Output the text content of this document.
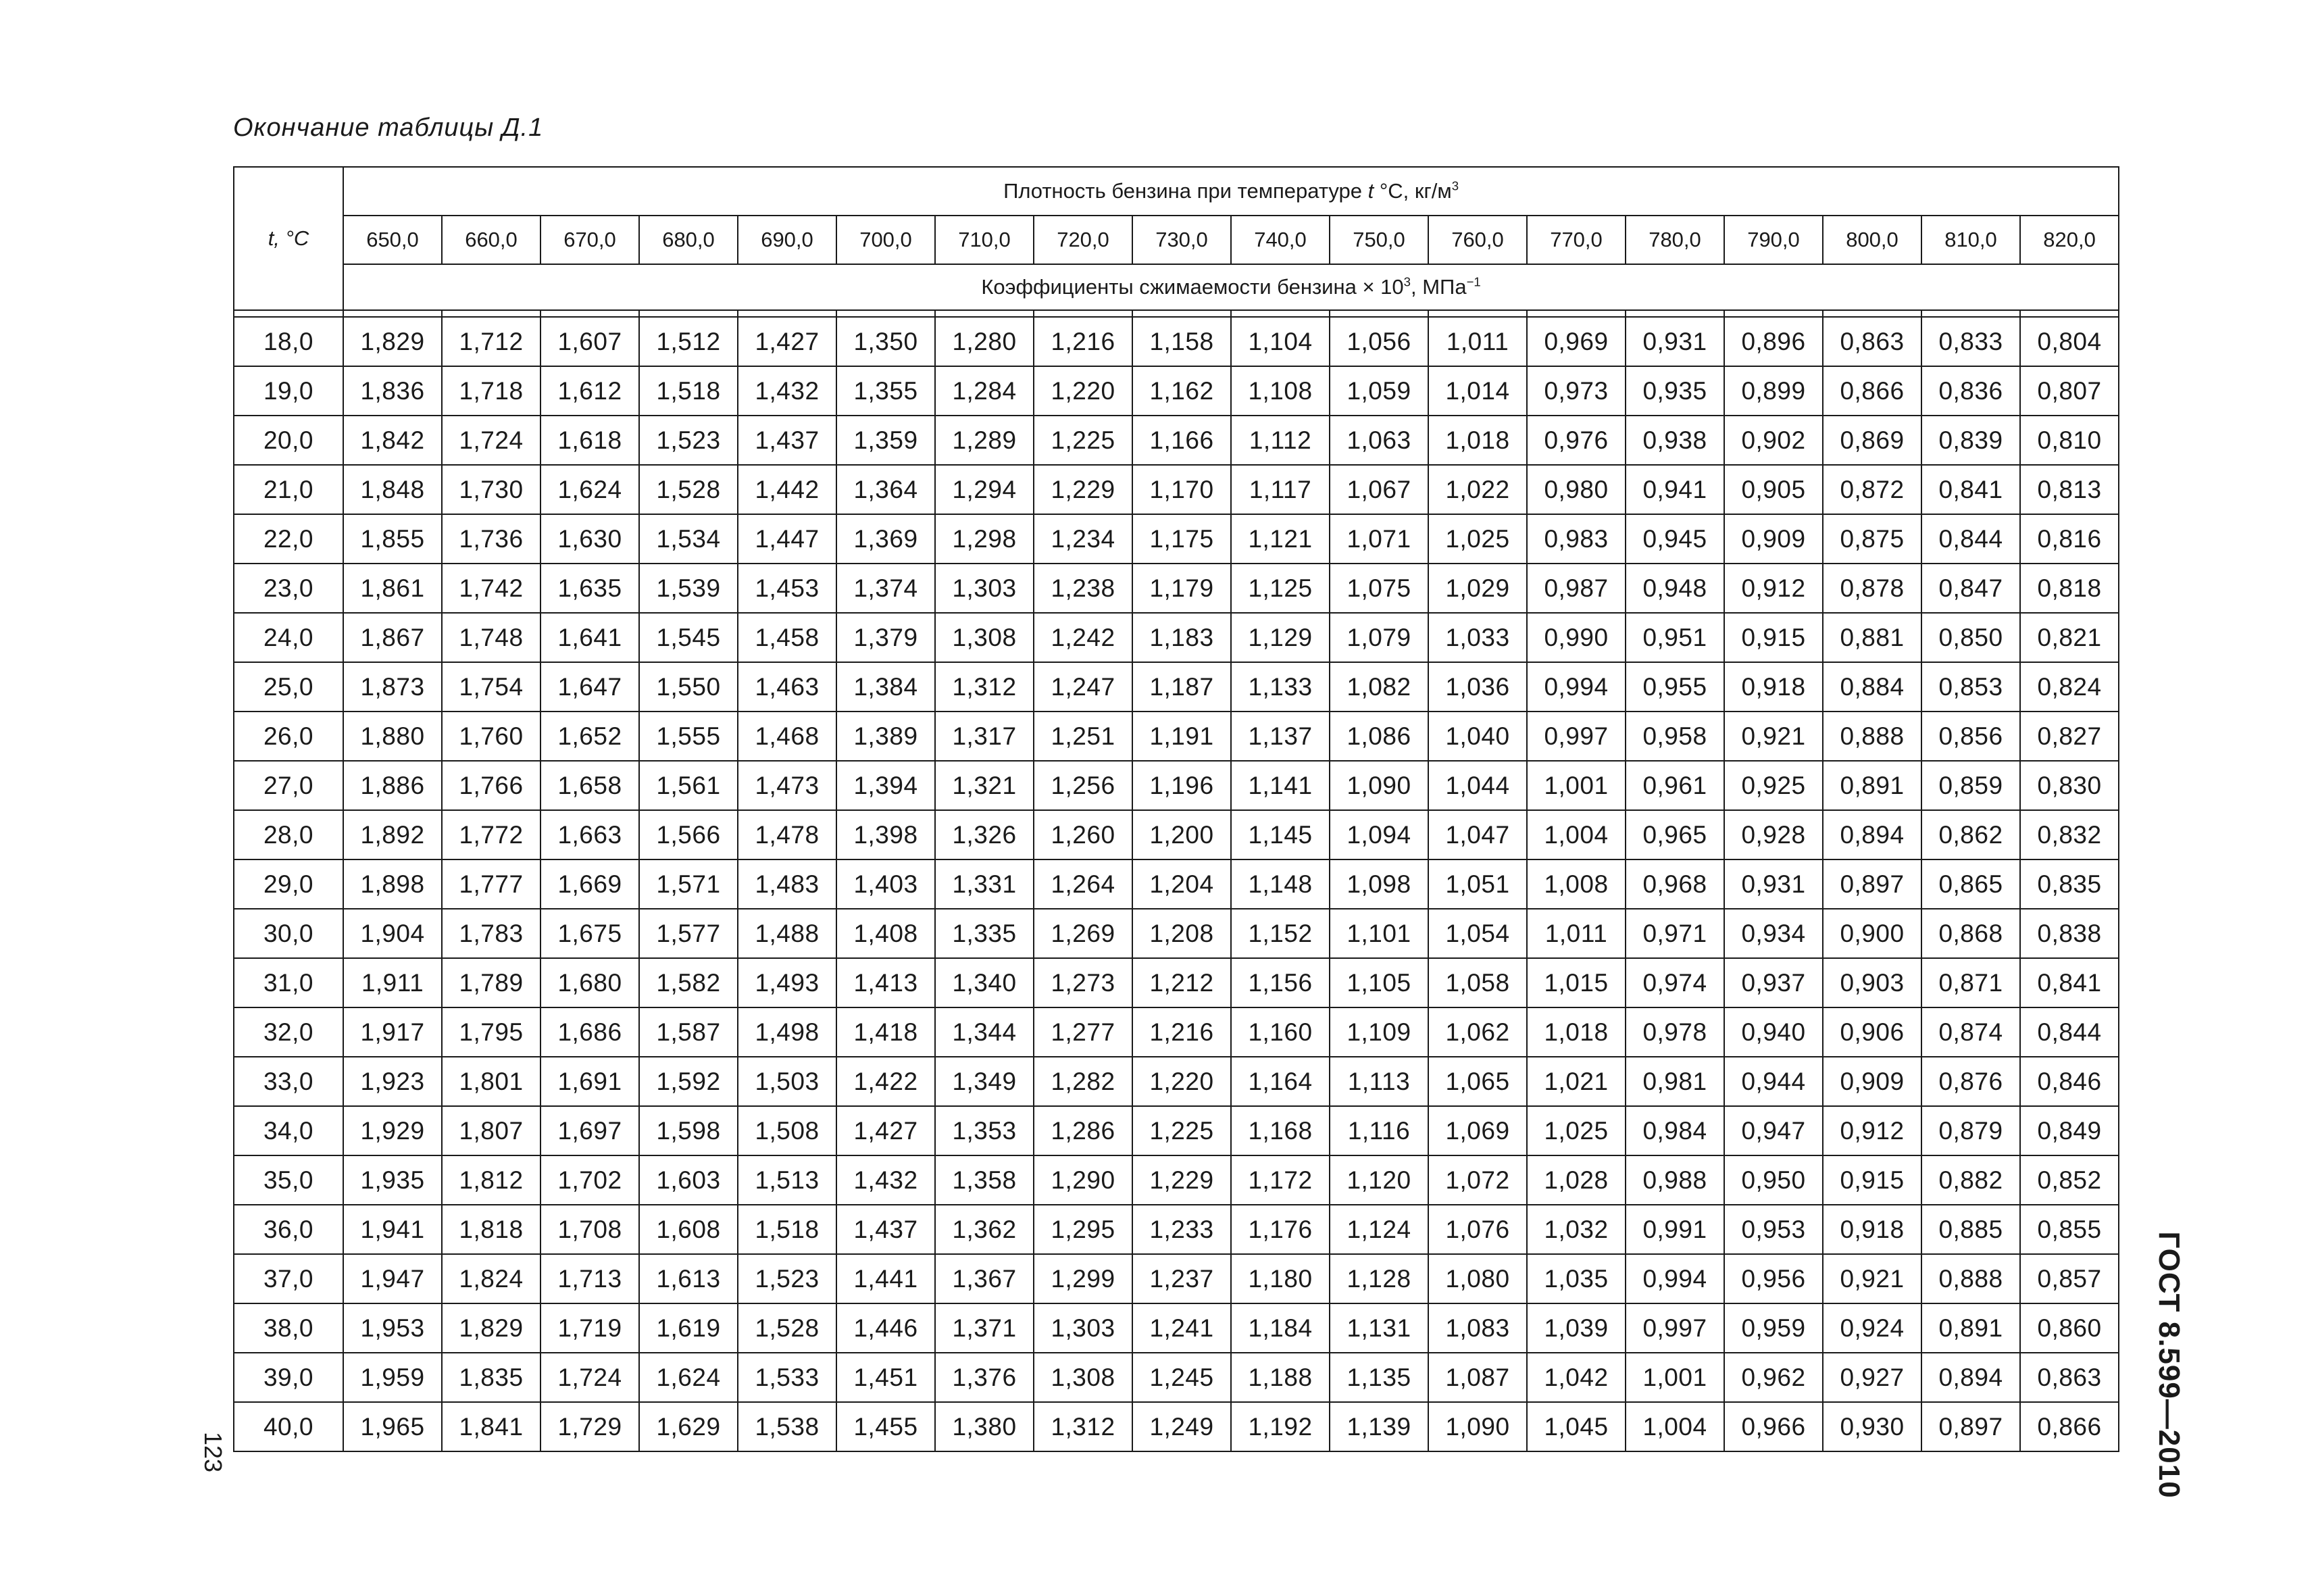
Окончание таблицы Д.1
t, °C	Плотность бензина при температуре t °C, $кг/м^3$
	650,0	660,0	670,0	680,0	690,0	700,0	710,0	720,0	730,0	740,0	750,0	760,0	770,0	780,0	790,0	800,0	810,0	820,0
	Коэффициенты сжимаемости бензина × $10^3$, МПа$^{-1}$

18,0	1,829	1,712	1,607	1,512	1,427	1,350	1,280	1,216	1,158	1,104	1,056	1,011	0,969	0,931	0,896	0,863	0,833	0,804
19,0	1,836	1,718	1,612	1,518	1,432	1,355	1,284	1,220	1,162	1,108	1,059	1,014	0,973	0,935	0,899	0,866	0,836	0,807
20,0	1,842	1,724	1,618	1,523	1,437	1,359	1,289	1,225	1,166	1,112	1,063	1,018	0,976	0,938	0,902	0,869	0,839	0,810
21,0	1,848	1,730	1,624	1,528	1,442	1,364	1,294	1,229	1,170	1,117	1,067	1,022	0,980	0,941	0,905	0,872	0,841	0,813
22,0	1,855	1,736	1,630	1,534	1,447	1,369	1,298	1,234	1,175	1,121	1,071	1,025	0,983	0,945	0,909	0,875	0,844	0,816
23,0	1,861	1,742	1,635	1,539	1,453	1,374	1,303	1,238	1,179	1,125	1,075	1,029	0,987	0,948	0,912	0,878	0,847	0,818
24,0	1,867	1,748	1,641	1,545	1,458	1,379	1,308	1,242	1,183	1,129	1,079	1,033	0,990	0,951	0,915	0,881	0,850	0,821
25,0	1,873	1,754	1,647	1,550	1,463	1,384	1,312	1,247	1,187	1,133	1,082	1,036	0,994	0,955	0,918	0,884	0,853	0,824
26,0	1,880	1,760	1,652	1,555	1,468	1,389	1,317	1,251	1,191	1,137	1,086	1,040	0,997	0,958	0,921	0,888	0,856	0,827
27,0	1,886	1,766	1,658	1,561	1,473	1,394	1,321	1,256	1,196	1,141	1,090	1,044	1,001	0,961	0,925	0,891	0,859	0,830
28,0	1,892	1,772	1,663	1,566	1,478	1,398	1,326	1,260	1,200	1,145	1,094	1,047	1,004	0,965	0,928	0,894	0,862	0,832
29,0	1,898	1,777	1,669	1,571	1,483	1,403	1,331	1,264	1,204	1,148	1,098	1,051	1,008	0,968	0,931	0,897	0,865	0,835
30,0	1,904	1,783	1,675	1,577	1,488	1,408	1,335	1,269	1,208	1,152	1,101	1,054	1,011	0,971	0,934	0,900	0,868	0,838
31,0	1,911	1,789	1,680	1,582	1,493	1,413	1,340	1,273	1,212	1,156	1,105	1,058	1,015	0,974	0,937	0,903	0,871	0,841
32,0	1,917	1,795	1,686	1,587	1,498	1,418	1,344	1,277	1,216	1,160	1,109	1,062	1,018	0,978	0,940	0,906	0,874	0,844
33,0	1,923	1,801	1,691	1,592	1,503	1,422	1,349	1,282	1,220	1,164	1,113	1,065	1,021	0,981	0,944	0,909	0,876	0,846
34,0	1,929	1,807	1,697	1,598	1,508	1,427	1,353	1,286	1,225	1,168	1,116	1,069	1,025	0,984	0,947	0,912	0,879	0,849
35,0	1,935	1,812	1,702	1,603	1,513	1,432	1,358	1,290	1,229	1,172	1,120	1,072	1,028	0,988	0,950	0,915	0,882	0,852
36,0	1,941	1,818	1,708	1,608	1,518	1,437	1,362	1,295	1,233	1,176	1,124	1,076	1,032	0,991	0,953	0,918	0,885	0,855
37,0	1,947	1,824	1,713	1,613	1,523	1,441	1,367	1,299	1,237	1,180	1,128	1,080	1,035	0,994	0,956	0,921	0,888	0,857
38,0	1,953	1,829	1,719	1,619	1,528	1,446	1,371	1,303	1,241	1,184	1,131	1,083	1,039	0,997	0,959	0,924	0,891	0,860
39,0	1,959	1,835	1,724	1,624	1,533	1,451	1,376	1,308	1,245	1,188	1,135	1,087	1,042	1,001	0,962	0,927	0,894	0,863
40,0	1,965	1,841	1,729	1,629	1,538	1,455	1,380	1,312	1,249	1,192	1,139	1,090	1,045	1,004	0,966	0,930	0,897	0,866
123	ГОСТ 8.599—2010
